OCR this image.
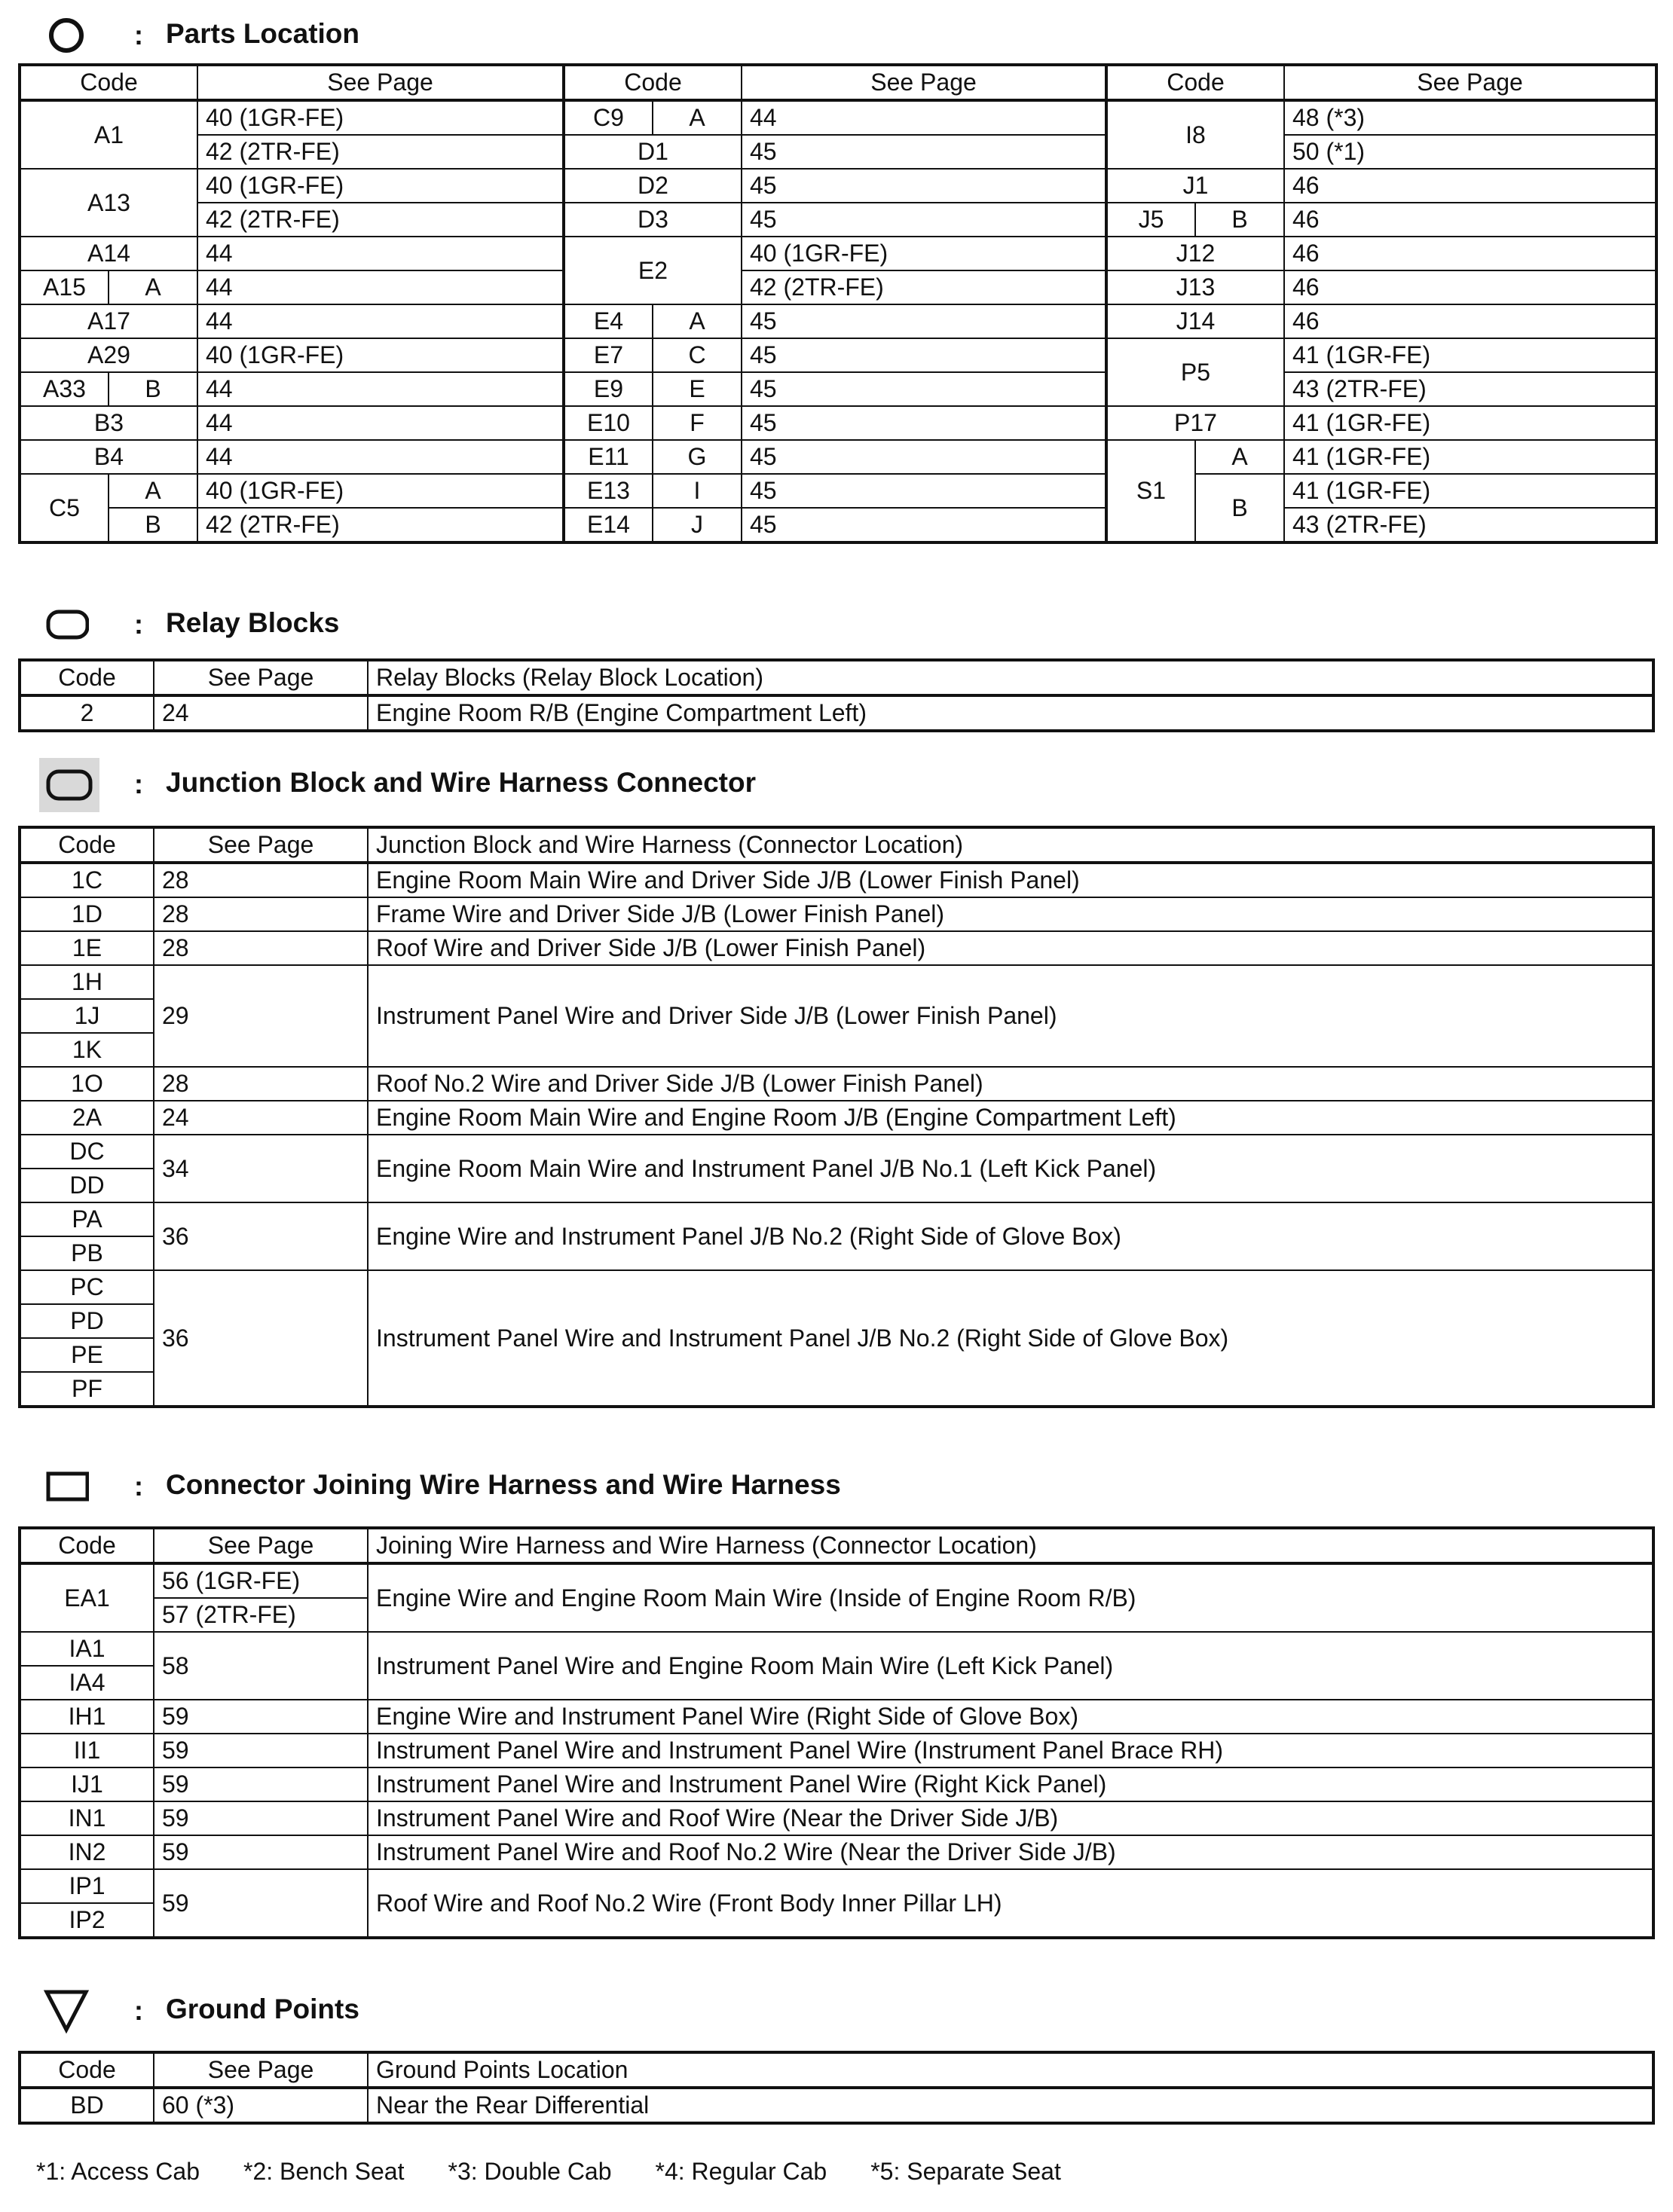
: Parts Location
Code		See Page	Code		See Page	Code		See Page
A1		40 (1GR-FE)	C9	A	44	I8		48 (*3)
		42 (2TR-FE)	D1		45			50 (*1)
A13		40 (1GR-FE)	D2		45	J1		46
		42 (2TR-FE)	D3		45	J5	B	46
A14		44	E2		40 (1GR-FE)	J12		46
A15	A	44			42 (2TR-FE)	J13		46
A17		44	E4	A	45	J14		46
A29		40 (1GR-FE)	E7	C	45	P5		41 (1GR-FE)
A33	B	44	E9	E	45			43 (2TR-FE)
B3		44	E10	F	45	P17		41 (1GR-FE)
B4		44	E11	G	45	S1	A	41 (1GR-FE)
C5	A	40 (1GR-FE)	E13	I	45		B	41 (1GR-FE)
	B	42 (2TR-FE)	E14	J	45			43 (2TR-FE)
: Relay Blocks
Code	See Page	Relay Blocks (Relay Block Location)
2	24	Engine Room R/B (Engine Compartment Left)
: Junction Block and Wire Harness Connector
Code	See Page	Junction Block and Wire Harness (Connector Location)
1C	28	Engine Room Main Wire and Driver Side J/B (Lower Finish Panel)
1D	28	Frame Wire and Driver Side J/B (Lower Finish Panel)
1E	28	Roof Wire and Driver Side J/B (Lower Finish Panel)
1H	29	Instrument Panel Wire and Driver Side J/B (Lower Finish Panel)
1J		
1K		
1O	28	Roof No.2 Wire and Driver Side J/B (Lower Finish Panel)
2A	24	Engine Room Main Wire and Engine Room J/B (Engine Compartment Left)
DC	34	Engine Room Main Wire and Instrument Panel J/B No.1 (Left Kick Panel)
DD		
PA	36	Engine Wire and Instrument Panel J/B No.2 (Right Side of Glove Box)
PB		
PC	36	Instrument Panel Wire and Instrument Panel J/B No.2 (Right Side of Glove Box)
PD		
PE		
PF		
: Connector Joining Wire Harness and Wire Harness
Code	See Page	Joining Wire Harness and Wire Harness (Connector Location)
EA1	56 (1GR-FE)	Engine Wire and Engine Room Main Wire (Inside of Engine Room R/B)
	57 (2TR-FE)	
IA1	58	Instrument Panel Wire and Engine Room Main Wire (Left Kick Panel)
IA4		
IH1	59	Engine Wire and Instrument Panel Wire (Right Side of Glove Box)
II1	59	Instrument Panel Wire and Instrument Panel Wire (Instrument Panel Brace RH)
IJ1	59	Instrument Panel Wire and Instrument Panel Wire (Right Kick Panel)
IN1	59	Instrument Panel Wire and Roof Wire (Near the Driver Side J/B)
IN2	59	Instrument Panel Wire and Roof No.2 Wire (Near the Driver Side J/B)
IP1	59	Roof Wire and Roof No.2 Wire (Front Body Inner Pillar LH)
IP2		
: Ground Points
Code	See Page	Ground Points Location
BD	60 (*3)	Near the Rear Differential
*1: Access Cab *2: Bench Seat *3: Double Cab *4: Regular Cab *5: Separate Seat
